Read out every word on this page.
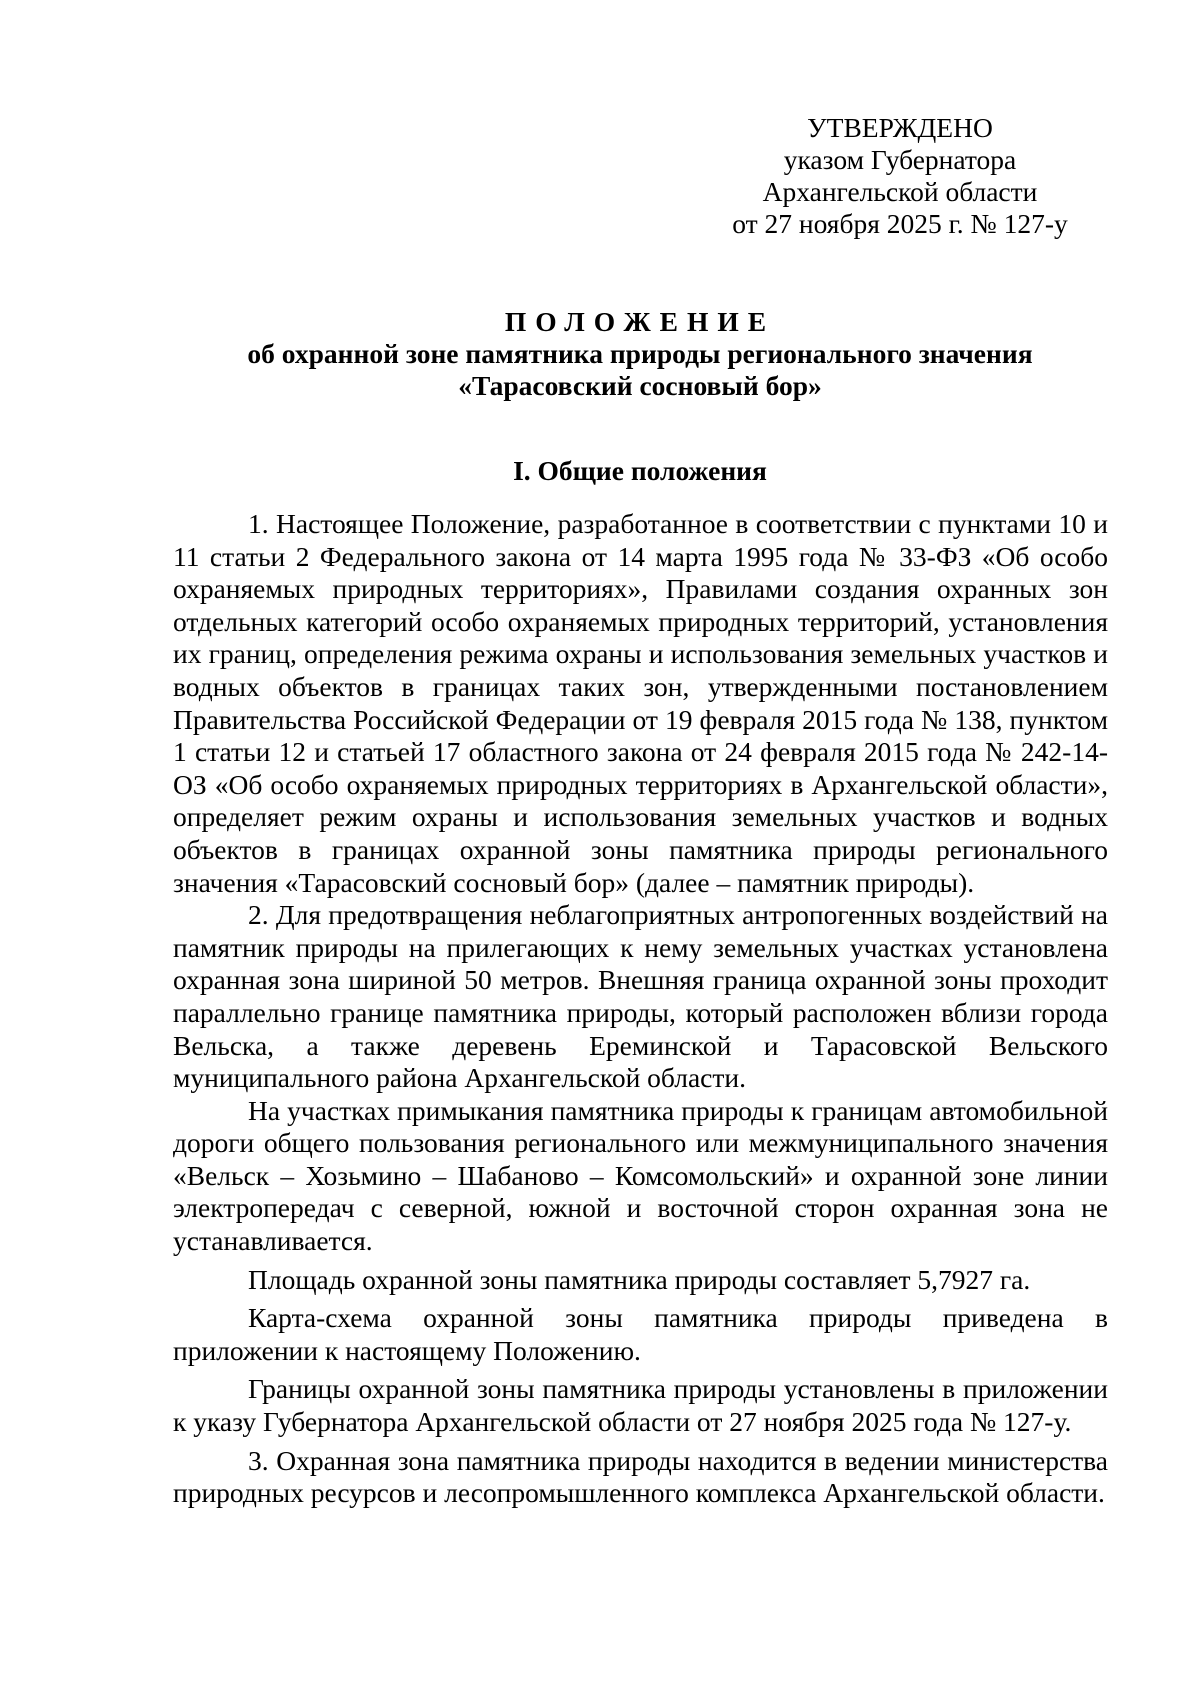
УТВЕРЖДЕНО
указом Губернатора
Архангельской области
от 27 ноября 2025 г. № 127-у
ПОЛОЖЕНИЕ
об охранной зоне памятника природы регионального значения
«Тарасовский сосновый бор»
I. Общие положения

1. Настоящее Положение, разработанное в соответствии с пунктами 10 и 11 статьи 2 Федерального закона от 14 марта 1995 года № 33-ФЗ «Об особо охраняемых природных территориях», Правилами создания охранных зон отдельных категорий особо охраняемых природных территорий, установления их границ, определения режима охраны и использования земельных участков и водных объектов в границах таких зон, утвержденными постановлением Правительства Российской Федерации от 19 февраля 2015 года № 138, пунктом 1 статьи 12 и статьей 17 областного закона от 24 февраля 2015 года № 242-14-ОЗ «Об особо охраняемых природных территориях в Архангельской области», определяет режим охраны и использования земельных участков и водных объектов в границах охранной зоны памятника природы регионального значения «Тарасовский сосновый бор» (далее – памятник природы).

2. Для предотвращения неблагоприятных антропогенных воздействий на памятник природы на прилегающих к нему земельных участках установлена охранная зона шириной 50 метров. Внешняя граница охранной зоны проходит параллельно границе памятника природы, который расположен вблизи города Вельска, а также деревень Ереминской и Тарасовской Вельского муниципального района Архангельской области.

На участках примыкания памятника природы к границам автомобильной дороги общего пользования регионального или межмуниципального значения «Вельск – Хозьмино – Шабаново – Комсомольский» и охранной зоне линии электропередач с северной, южной и восточной сторон охранная зона не устанавливается.

Площадь охранной зоны памятника природы составляет 5,7927 га.

Карта-схема охранной зоны памятника природы приведена в приложении к настоящему Положению.

Границы охранной зоны памятника природы установлены в приложении к указу Губернатора Архангельской области от 27 ноября 2025 года № 127-у.

3. Охранная зона памятника природы находится в ведении министерства природных ресурсов и лесопромышленного комплекса Архангельской области.
